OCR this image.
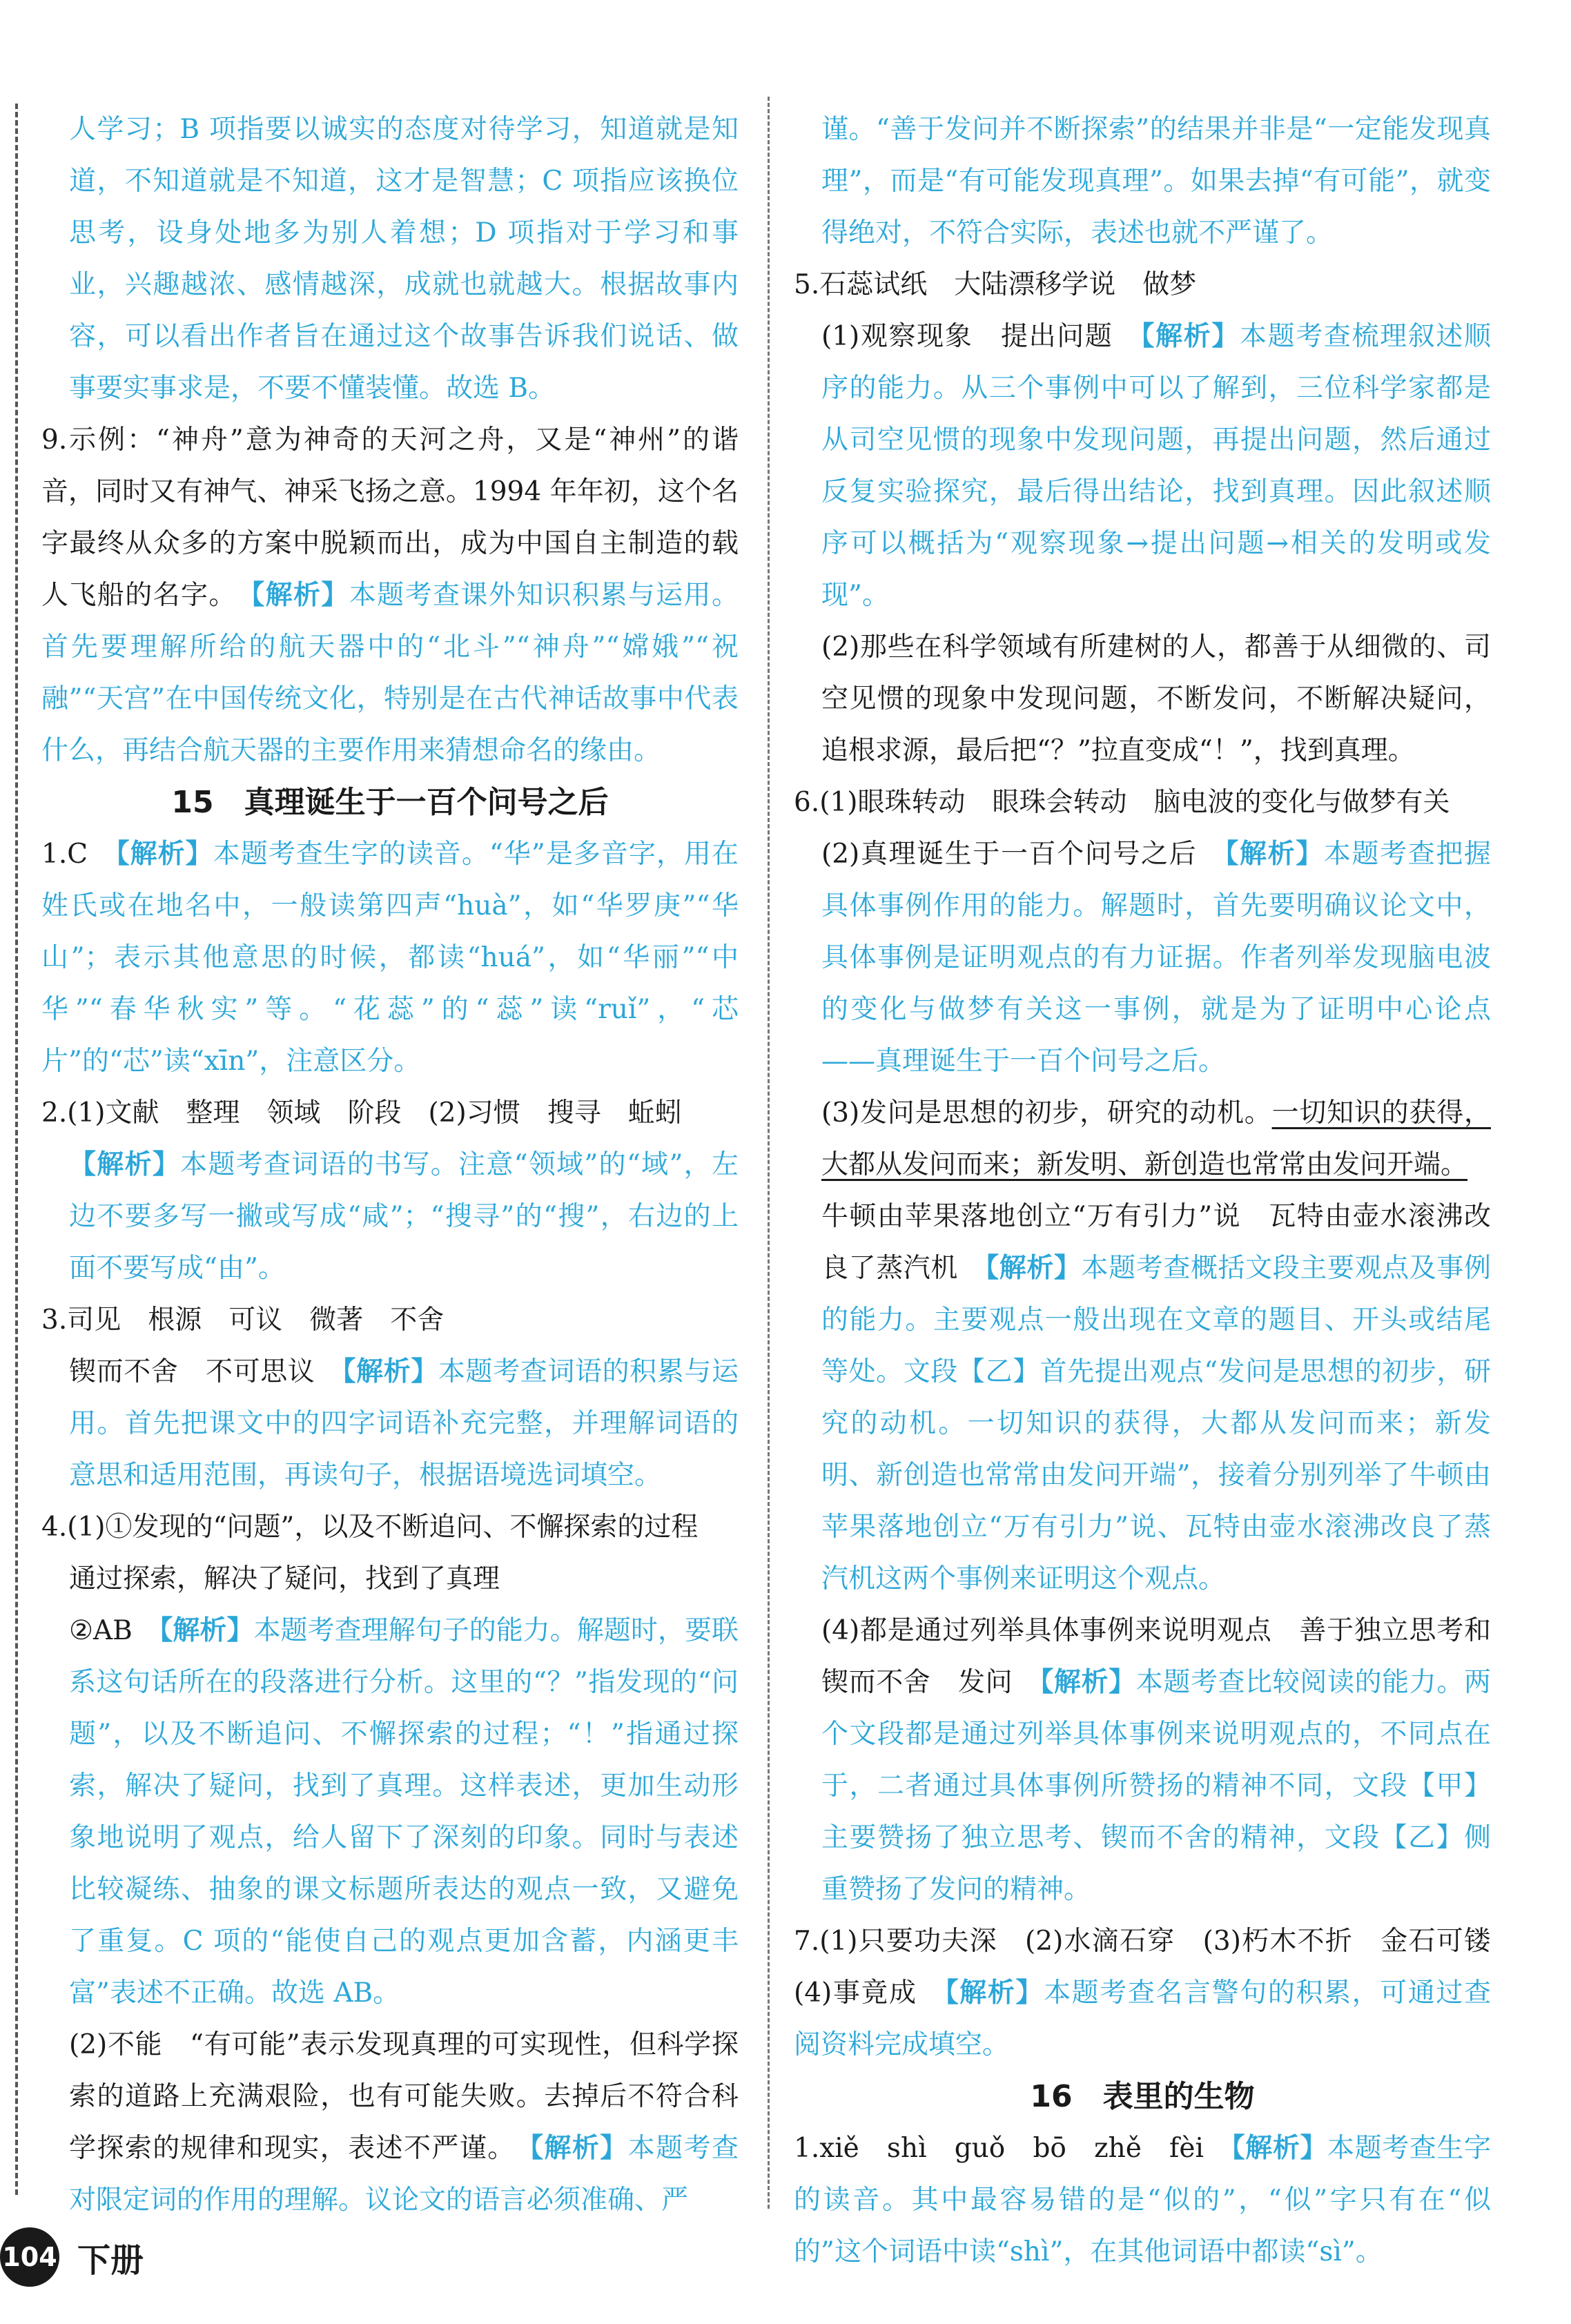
人学习；B 项指要以诚实的态度对待学习，知道就是知道，不知道就是不知道，这才是智慧；C 项指应该换位思考，设身处地多为别人着想；D 项指对于学习和事业，兴趣越浓、感情越深，成就也就越大。根据故事内容，可以看出作者旨在通过这个故事告诉我们说话、做事要实事求是，不要不懂装懂。故选 B。

9.示例：“神舟”意为神奇的天河之舟，又是“神州”的谐音，同时又有神气、神采飞扬之意。1994 年年初，这个名字最终从众多的方案中脱颖而出，成为中国自主制造的载人飞船的名字。　【解析】本题考查课外知识积累与运用。首先要理解所给的航天器中的“北斗”“神舟”“嫦娥”“祝融”“天宫”在中国传统文化，特别是在古代神话故事中代表什么，再结合航天器的主要作用来猜想命名的缘由。

15　真理诞生于一百个问号之后

1.C　【解析】本题考查生字的读音。“华”是多音字，用在姓氏或在地名中，一般读第四声“huà”，如“华罗庚”“华山”；表示其他意思的时候，都读“huá”，如“华丽”“中华”“春华秋实”等。“花蕊”的“蕊”读“ruǐ”，“芯片”的“芯”读“xīn”，注意区分。

2.(1)文献　整理　领域　阶段　(2)习惯　搜寻　蚯蚓

【解析】本题考查词语的书写。注意“领域”的“域”，左边不要多写一撇或写成“咸”；“搜寻”的“搜”，右边的上面不要写成“由”。

3.司见　根源　可议　微著　不舍

锲而不舍　不可思议　【解析】本题考查词语的积累与运用。首先把课文中的四字词语补充完整，并理解词语的意思和适用范围，再读句子，根据语境选词填空。

4.(1)①发现的“问题”，以及不断追问、不懈探索的过程

通过探索，解决了疑问，找到了真理

②AB　【解析】本题考查理解句子的能力。解题时，要联系这句话所在的段落进行分析。这里的“？”指发现的“问题”，以及不断追问、不懈探索的过程；“！”指通过探索，解决了疑问，找到了真理。这样表述，更加生动形象地说明了观点，给人留下了深刻的印象。同时与表述比较凝练、抽象的课文标题所表达的观点一致，又避免了重复。C 项的“能使自己的观点更加含蓄，内涵更丰富”表述不正确。故选 AB。

(2)不能　“有可能”表示发现真理的可实现性，但科学探索的道路上充满艰险，也有可能失败。去掉后不符合科学探索的规律和现实，表述不严谨。　【解析】本题考查对限定词的作用的理解。议论文的语言必须准确、严

谨。“善于发问并不断探索”的结果并非是“一定能发现真理”，而是“有可能发现真理”。如果去掉“有可能”，就变得绝对，不符合实际，表述也就不严谨了。

5.石蕊试纸　大陆漂移学说　做梦

(1)观察现象　提出问题　【解析】本题考查梳理叙述顺序的能力。从三个事例中可以了解到，三位科学家都是从司空见惯的现象中发现问题，再提出问题，然后通过反复实验探究，最后得出结论，找到真理。因此叙述顺序可以概括为“观察现象→提出问题→相关的发明或发现”。

(2)那些在科学领域有所建树的人，都善于从细微的、司空见惯的现象中发现问题，不断发问，不断解决疑问，追根求源，最后把“？”拉直变成“！”，找到真理。

6.(1)眼珠转动　眼珠会转动　脑电波的变化与做梦有关

(2)真理诞生于一百个问号之后　【解析】本题考查把握具体事例作用的能力。解题时，首先要明确议论文中，具体事例是证明观点的有力证据。作者列举发现脑电波的变化与做梦有关这一事例，就是为了证明中心论点——真理诞生于一百个问号之后。

(3)发问是思想的初步，研究的动机。一切知识的获得，大都从发问而来；新发明、新创造也常常由发问开端。

牛顿由苹果落地创立“万有引力”说　瓦特由壶水滚沸改良了蒸汽机　【解析】本题考查概括文段主要观点及事例的能力。主要观点一般出现在文章的题目、开头或结尾等处。文段【乙】首先提出观点“发问是思想的初步，研究的动机。一切知识的获得，大都从发问而来；新发明、新创造也常常由发问开端”，接着分别列举了牛顿由苹果落地创立“万有引力”说、瓦特由壶水滚沸改良了蒸汽机这两个事例来证明这个观点。

(4)都是通过列举具体事例来说明观点　善于独立思考和锲而不舍　发问　【解析】本题考查比较阅读的能力。两个文段都是通过列举具体事例来说明观点的，不同点在于，二者通过具体事例所赞扬的精神不同，文段【甲】主要赞扬了独立思考、锲而不舍的精神，文段【乙】侧重赞扬了发问的精神。

7.(1)只要功夫深　(2)水滴石穿　(3)朽木不折　金石可镂　(4)事竟成　【解析】本题考查名言警句的积累，可通过查阅资料完成填空。

16　表里的生物

1.xiě　shì　guǒ　bō　zhě　fèi　【解析】本题考查生字的读音。其中最容易错的是“似的”，“似”字只有在“似的”这个词语中读“shì”，在其他词语中都读“sì”。

104 下册
